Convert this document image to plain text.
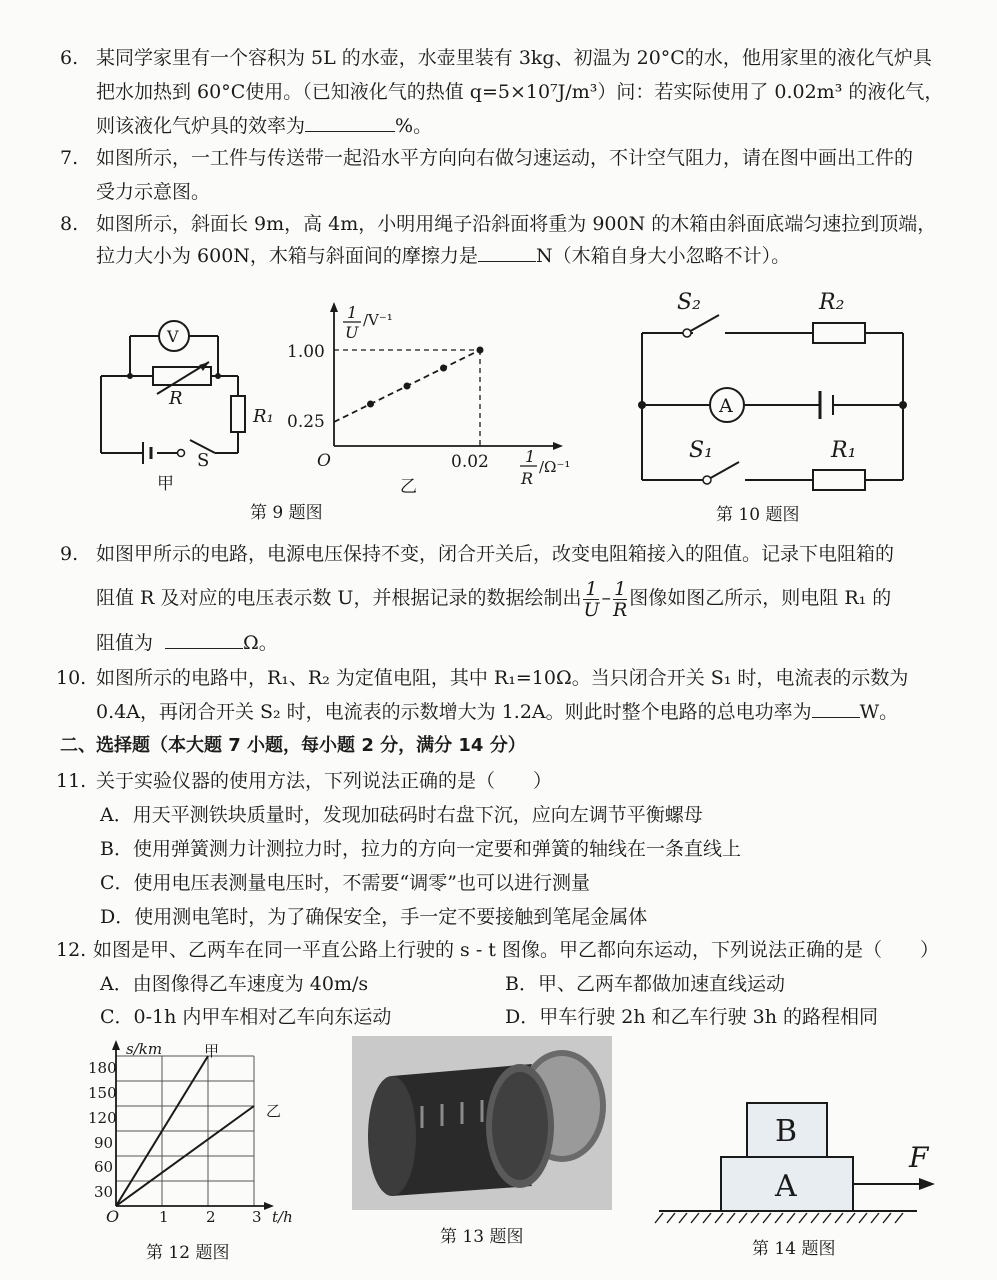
6. 某同学家里有一个容积为 5L 的水壶，水壶里装有 3kg、初温为 20°C的水，他用家里的液化气炉具
把水加热到 60°C使用。（已知液化气的热值 q=5×10⁷J/m³）问：若实际使用了 0.02m³ 的液化气，
则该液化气炉具的效率为	%。
7. 如图所示，一工件与传送带一起沿水平方向向右做匀速运动，不计空气阻力，请在图中画出工件的
受力示意图。
8. 如图所示，斜面长 9m，高 4m，小明用绳子沿斜面将重为 900N 的木箱由斜面底端匀速拉到顶端，
拉力大小为 600N，木箱与斜面间的摩擦力是	N（木箱自身大小忽略不计）。
V
R
R₁
S
甲
1
U
/V⁻¹
1
R
/Ω⁻¹
O
1.00
0.25
0.02
乙
第 9 题图
S₂	R₂
A
S₁	R₁
第 10 题图
9. 如图甲所示的电路，电源电压保持不变，闭合开关后，改变电阻箱接入的阻值。记录下电阻箱的
阻值 R 及对应的电压表示数 U，并根据记录的数据绘制出 $\frac{1}{U} - \frac{1}{R}$ 图像如图乙所示，则电阻 R₁ 的
阻值为	Ω。
10. 如图所示的电路中，R₁、R₂ 为定值电阻，其中 R₁=10Ω。当只闭合开关 S₁ 时，电流表的示数为
0.4A，再闭合开关 S₂ 时，电流表的示数增大为 1.2A。则此时整个电路的总电功率为	W。
二、选择题（本大题 7 小题，每小题 2 分，满分 14 分）
11. 关于实验仪器的使用方法，下列说法正确的是（　　）
A．用天平测铁块质量时，发现加砝码时右盘下沉，应向左调节平衡螺母
B．使用弹簧测力计测拉力时，拉力的方向一定要和弹簧的轴线在一条直线上
C．使用电压表测量电压时，不需要“调零”也可以进行测量
D．使用测电笔时，为了确保安全，手一定不要接触到笔尾金属体
12. 如图是甲、乙两车在同一平直公路上行驶的 s - t 图像。甲乙都向东运动，下列说法正确的是（　　）
A．由图像得乙车速度为 40m/s	B．甲、乙两车都做加速直线运动
C．0-1h 内甲车相对乙车向东运动	D．甲车行驶 2h 和乙车行驶 3h 的路程相同
s/km
t/h
O
180
150
120
90
60
30
1 2 3
甲
乙
第 12 题图
第 13 题图
B
A
F
第 14 题图
